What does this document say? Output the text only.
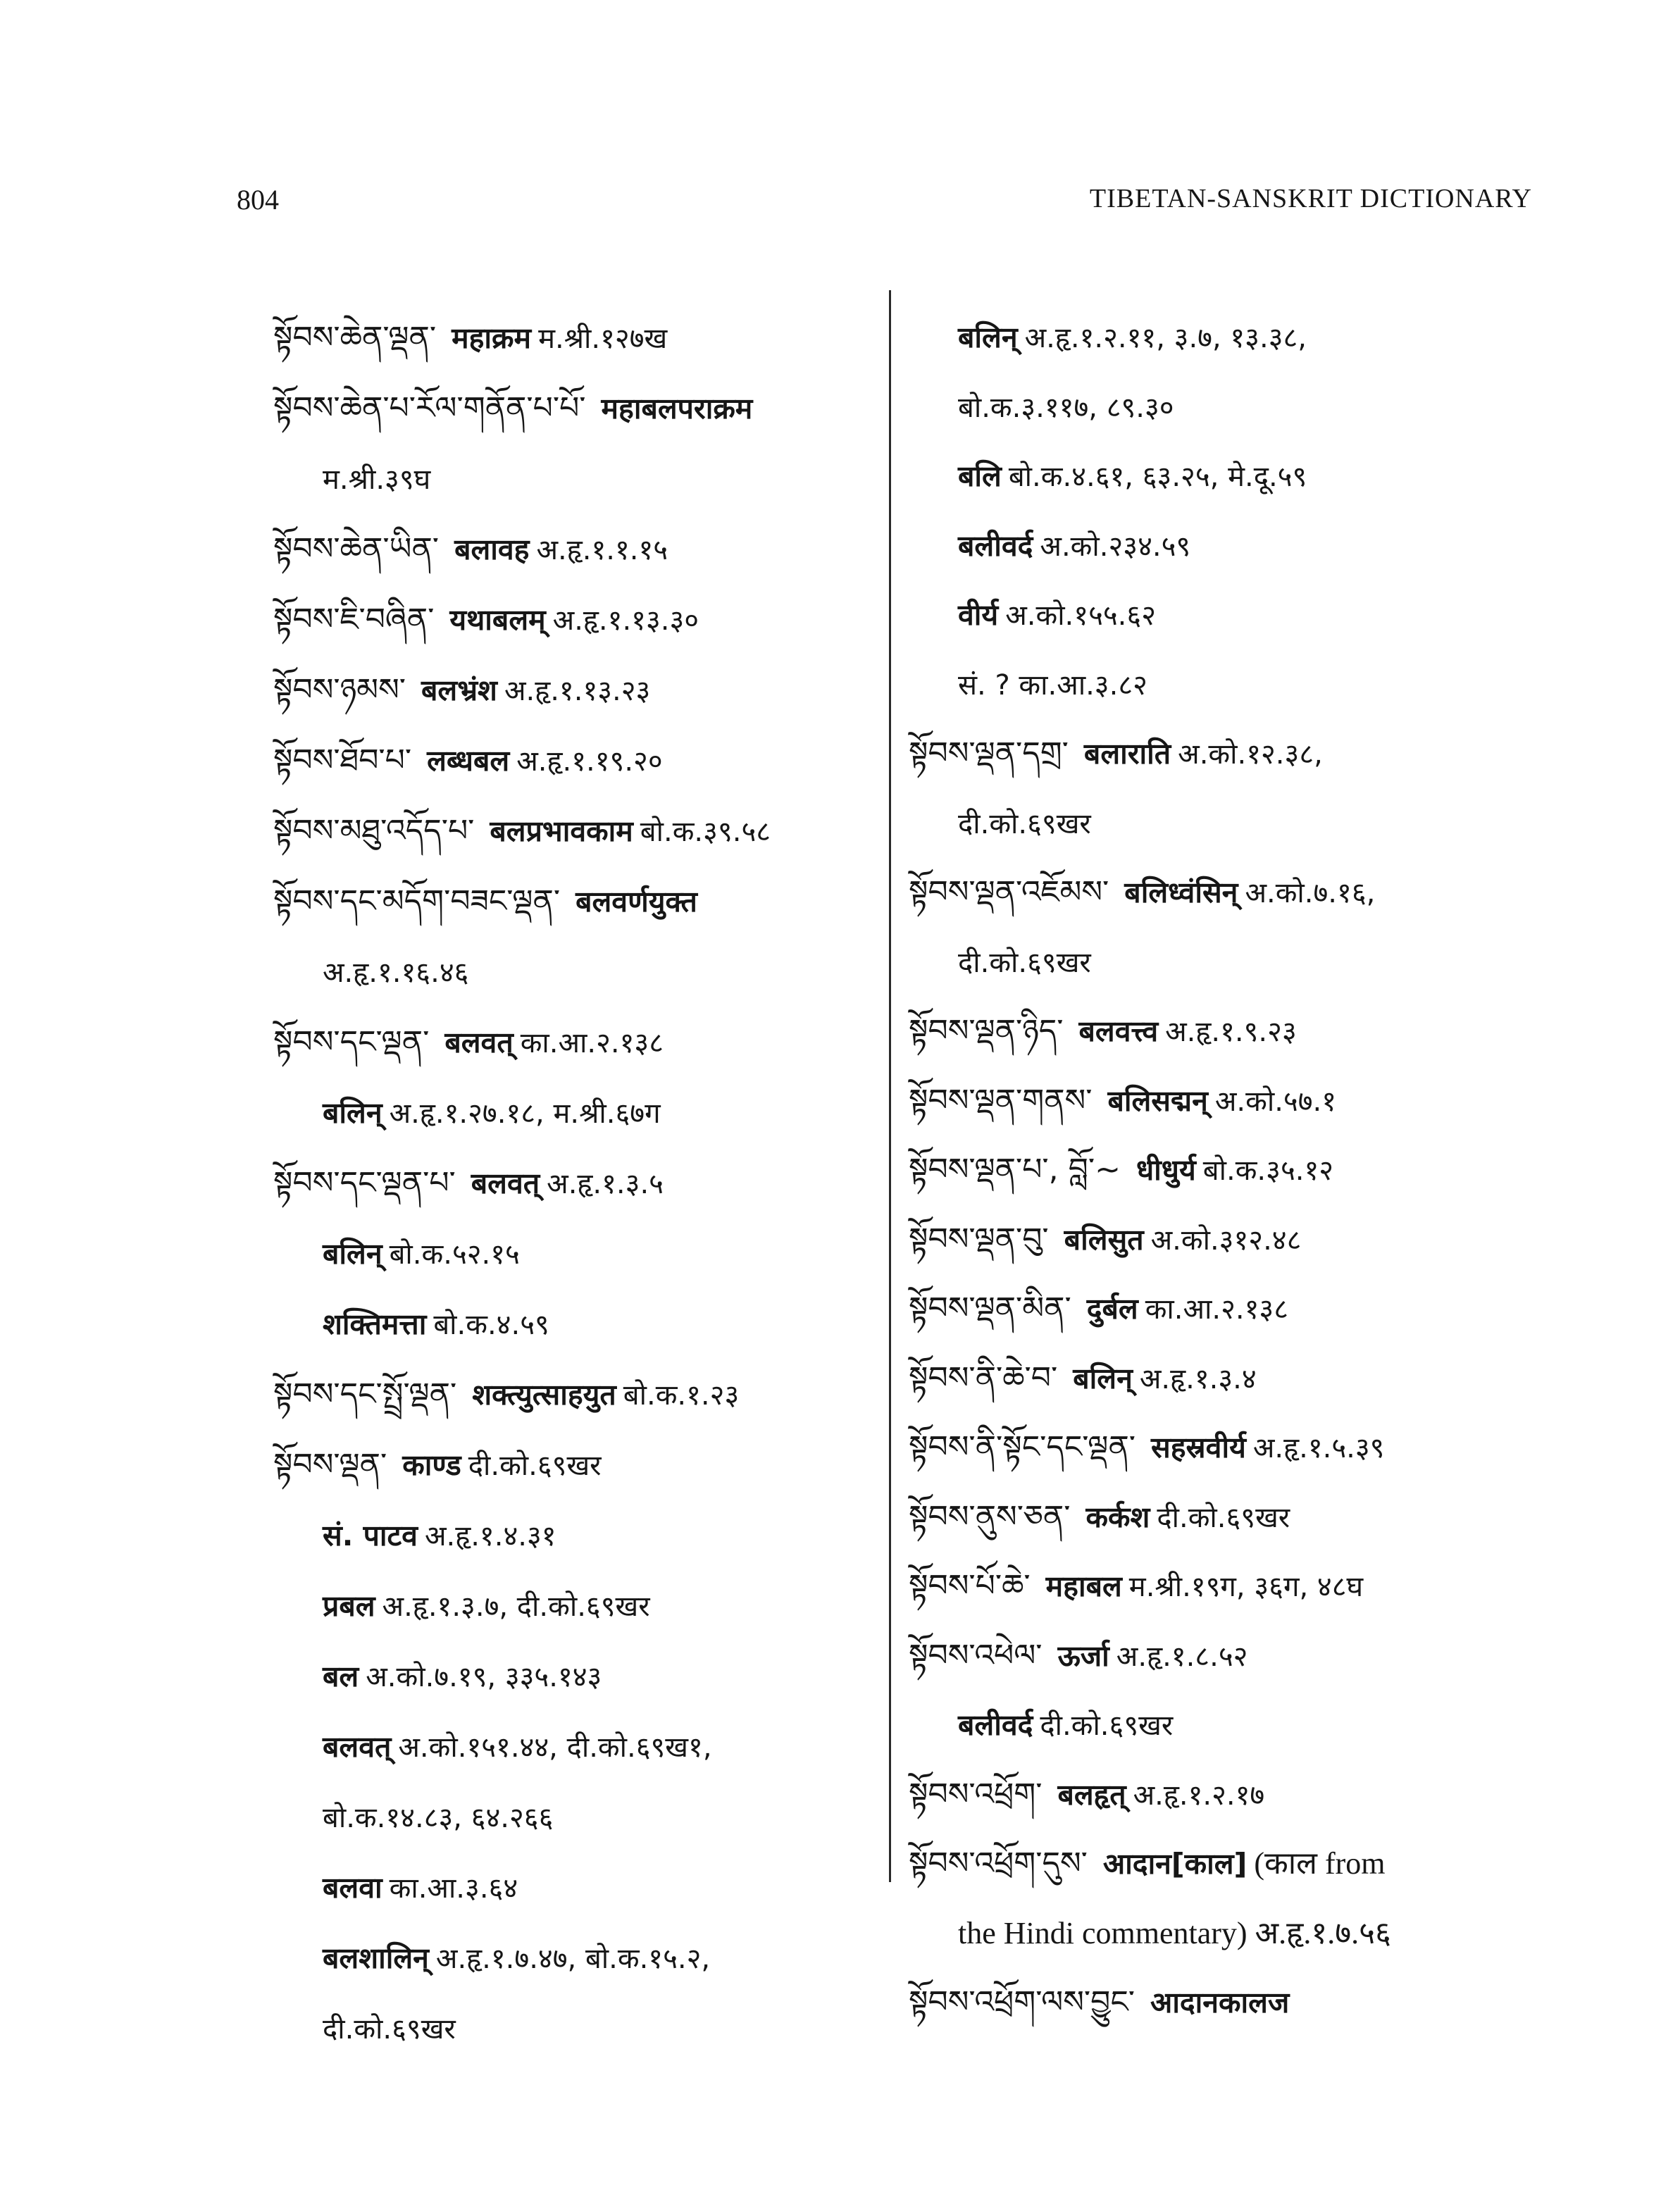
804	TIBETAN-SANSKRIT DICTIONARY
སྟོབས་ཆེན་ལྡན་ महाक्रम म.श्री.१२७ख
སྟོབས་ཆེན་པ་རོལ་གནོན་པ་པོ་ महाबलपराक्रम
म.श्री.३९घ
སྟོབས་ཆེན་ཡིན་ बलावह अ.हृ.१.१.१५
སྟོབས་ཇི་བཞིན་ यथाबलम् अ.हृ.१.१३.३०
སྟོབས་ཉམས་ बलभ्रंश अ.हृ.१.१३.२३
སྟོབས་ཐོབ་པ་ लब्धबल अ.हृ.१.१९.२०
སྟོབས་མཐུ་འདོད་པ་ बलप्रभावकाम बो.क.३९.५८
སྟོབས་དང་མདོག་བཟང་ལྡན་ बलवर्णयुक्त
अ.हृ.१.१६.४६
སྟོབས་དང་ལྡན་ बलवत् का.आ.२.१३८
बलिन् अ.हृ.१.२७.१८, म.श्री.६७ग
སྟོབས་དང་ལྡན་པ་ बलवत् अ.हृ.१.३.५
बलिन् बो.क.५२.१५
शक्तिमत्ता बो.क.४.५९
སྟོབས་དང་སྤྲོ་ལྡན་ शक्त्युत्साहयुत बो.क.१.२३
སྟོབས་ལྡན་ काण्ड दी.को.६९खर
सं. पाटव अ.हृ.१.४.३१
प्रबल अ.हृ.१.३.७, दी.को.६९खर
बल अ.को.७.१९, ३३५.१४३
बलवत् अ.को.१५१.४४, दी.को.६९ख१,
बो.क.१४.८३, ६४.२६६
बलवा का.आ.३.६४
बलशालिन् अ.हृ.१.७.४७, बो.क.१५.२,
दी.को.६९खर
बलिन् अ.हृ.१.२.११, ३.७, १३.३८,
बो.क.३.११७, ८९.३०
बलि बो.क.४.६१, ६३.२५, मे.दू.५९
बलीवर्द अ.को.२३४.५९
वीर्य अ.को.१५५.६२
सं. ? का.आ.३.८२
སྟོབས་ལྡན་དགྲ་ बलाराति अ.को.१२.३८,
दी.को.६९खर
སྟོབས་ལྡན་འཇོམས་ बलिध्वंसिन् अ.को.७.१६,
दी.को.६९खर
སྟོབས་ལྡན་ཉིད་ बलवत्त्व अ.हृ.१.९.२३
སྟོབས་ལྡན་གནས་ बलिसद्मन् अ.को.५७.१
སྟོབས་ལྡན་པ་, བློ་~ धीधुर्य बो.क.३५.१२
སྟོབས་ལྡན་བུ་ बलिसुत अ.को.३१२.४८
སྟོབས་ལྡན་མིན་ दुर्बल का.आ.२.१३८
སྟོབས་ནི་ཆེ་བ་ बलिन् अ.हृ.१.३.४
སྟོབས་ནི་སྟོང་དང་ལྡན་ सहस्रवीर्य अ.हृ.१.५.३९
སྟོབས་ནུས་ཅན་ कर्कश दी.को.६९खर
སྟོབས་པོ་ཆེ་ महाबल म.श्री.१९ग, ३६ग, ४८घ
སྟོབས་འཕེལ་ ऊर्जा अ.हृ.१.८.५२
बलीवर्द दी.को.६९खर
སྟོབས་འཕྲོག་ बलहृत् अ.हृ.१.२.१७
སྟོབས་འཕྲོག་དུས་ आदान[काल] (काल from
the Hindi commentary) अ.हृ.१.७.५६
སྟོབས་འཕྲོག་ལས་བྱུང་ आदानकालज
